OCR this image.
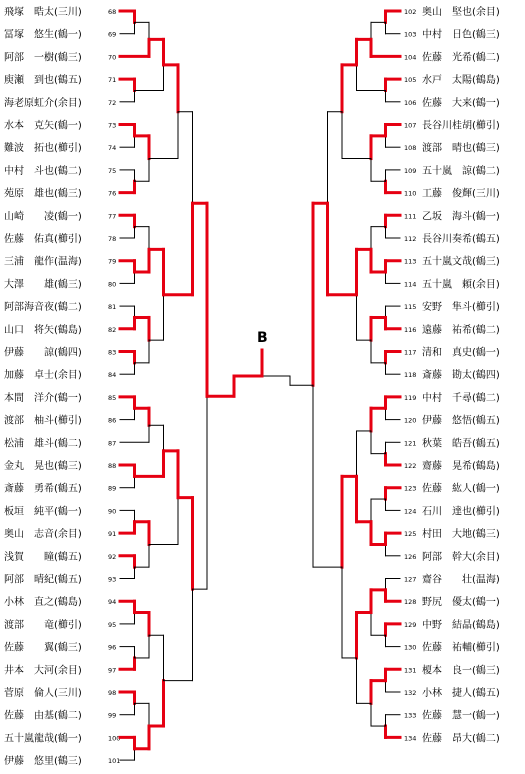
飛塚　晧太(三川)	68
冨塚　悠生(鶴一)	69
阿部　一樹(鶴三)	70
庾瀬　到也(鶴五)	71
海老原虹介(余目)	72
水本　克矢(鶴一)	73
難波　拓也(櫛引)	74
中村　斗也(鶴二)	75
苑原　雄也(鶴三)	76
山崎　　凌(鶴一)	77
佐藤　佑真(櫛引)	78
三浦　龍作(温海)	79
大澤　　雄(鶴三)	80
阿部海音夜(鶴二)	81
山口　将矢(鶴島)	82
伊藤　　諒(鶴四)	83
加藤　卓士(余目)	84
本間　洋介(鶴一)	85
渡部　柚斗(櫛引)	86
松浦　雄斗(鶴二)	87
金丸　晃也(鶴三)	88
斎藤　勇希(鶴五)	89
板垣　純平(鶴一)	90
奥山　志音(余目)	91
浅賀　　瞳(鶴五)	92
阿部　晴紀(鶴五)	93
小林　直之(鶴島)	94
渡部　　竜(櫛引)	95
佐藤　　翼(鶴三)	96
井本　大河(余目)	97
菅原　倫人(三川)	98
佐藤　由基(鶴二)	99
五十嵐龍哉(鶴一)	100
伊藤　悠里(鶴三)	101
奥山　堅也(余目)
102
中村　日色(鶴三)
103
佐藤　光希(鶴二)
104
水戸　太陽(鶴島)
105
佐藤　大来(鶴一)
106
長谷川桂胡(櫛引)
107
渡部　晴也(鶴三)
108
五十嵐　諒(鶴二)
109
工藤　俊輝(三川)
110
乙坂　海斗(鶴一)
111
長谷川奏希(鶴五)
112
五十嵐文哉(鶴三)
113
五十嵐　頼(余目)
114
安野　隼斗(櫛引)
115
遠藤　祐希(鶴二)
116
清和　真史(鶴一)
117
斎藤　勘太(鶴四)
118
中村　千尋(鶴二)
119
伊藤　悠悟(鶴五)
120
秋葉　皓吾(鶴五)
121
齋藤　晃希(鶴島)
122
佐藤　紘人(鶴一)
123
石川　達也(櫛引)
124
村田　大地(鶴三)
125
阿部　幹大(余目)
126
齋谷　　壮(温海)
127
野尻　優太(鶴一)
128
中野　結晶(鶴島)
129
佐藤　祐輔(櫛引)
130
榎本　良一(鶴三)
131
小林　捷人(鶴五)
132
佐藤　慧一(鶴一)
133
佐藤　昂大(鶴二)
134
B
